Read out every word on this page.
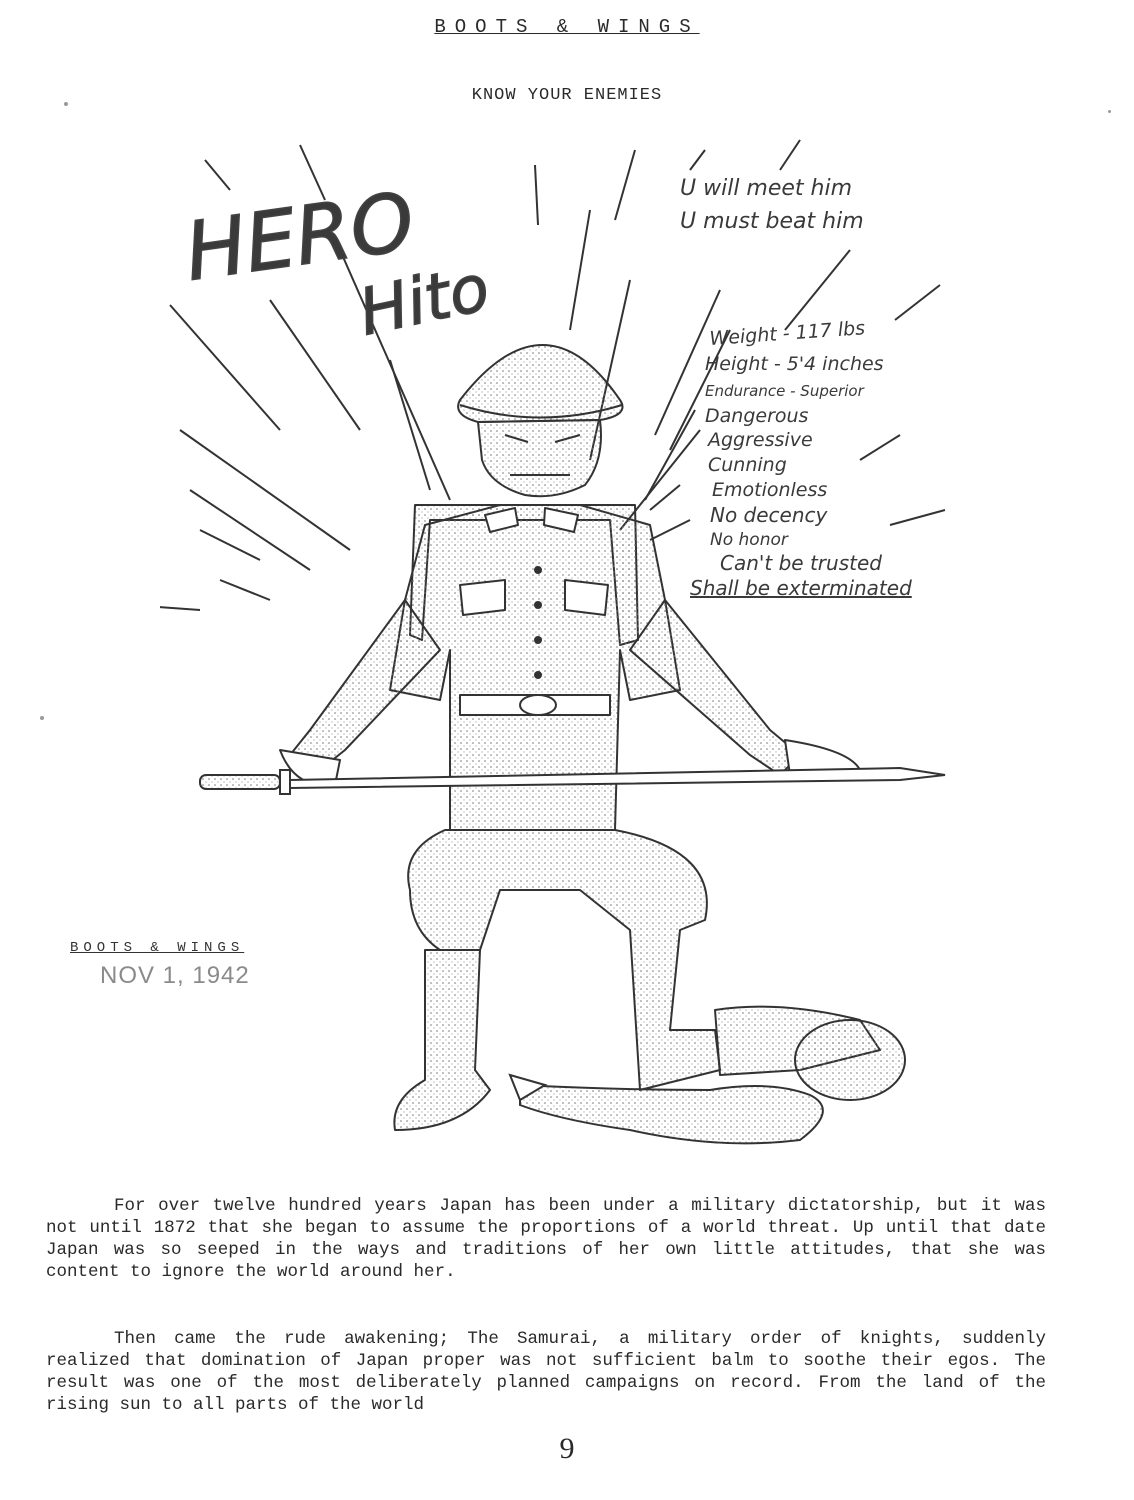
BOOTS & WINGS
KNOW YOUR ENEMIES
HERO
Hito
U will meet him
U must beat him
Weight - 117 lbs
Height - 5'4 inches
Endurance - Superior
Dangerous
Aggressive
Cunning
Emotionless
No decency
No honor
Can't be trusted
Shall be exterminated
BOOTS & WINGS
NOV 1, 1942
For over twelve hundred years Japan has been under a military dictatorship, but it was not until 1872 that she began to assume the proportions of a world threat. Up until that date Japan was so seeped in the ways and traditions of her own little attitudes, that she was content to ignore the world around her.
Then came the rude awakening; The Samurai, a military order of knights, suddenly realized that domination of Japan proper was not sufficient balm to soothe their egos. The result was one of the most deliberately planned campaigns on record. From the land of the rising sun to all parts of the world
9
